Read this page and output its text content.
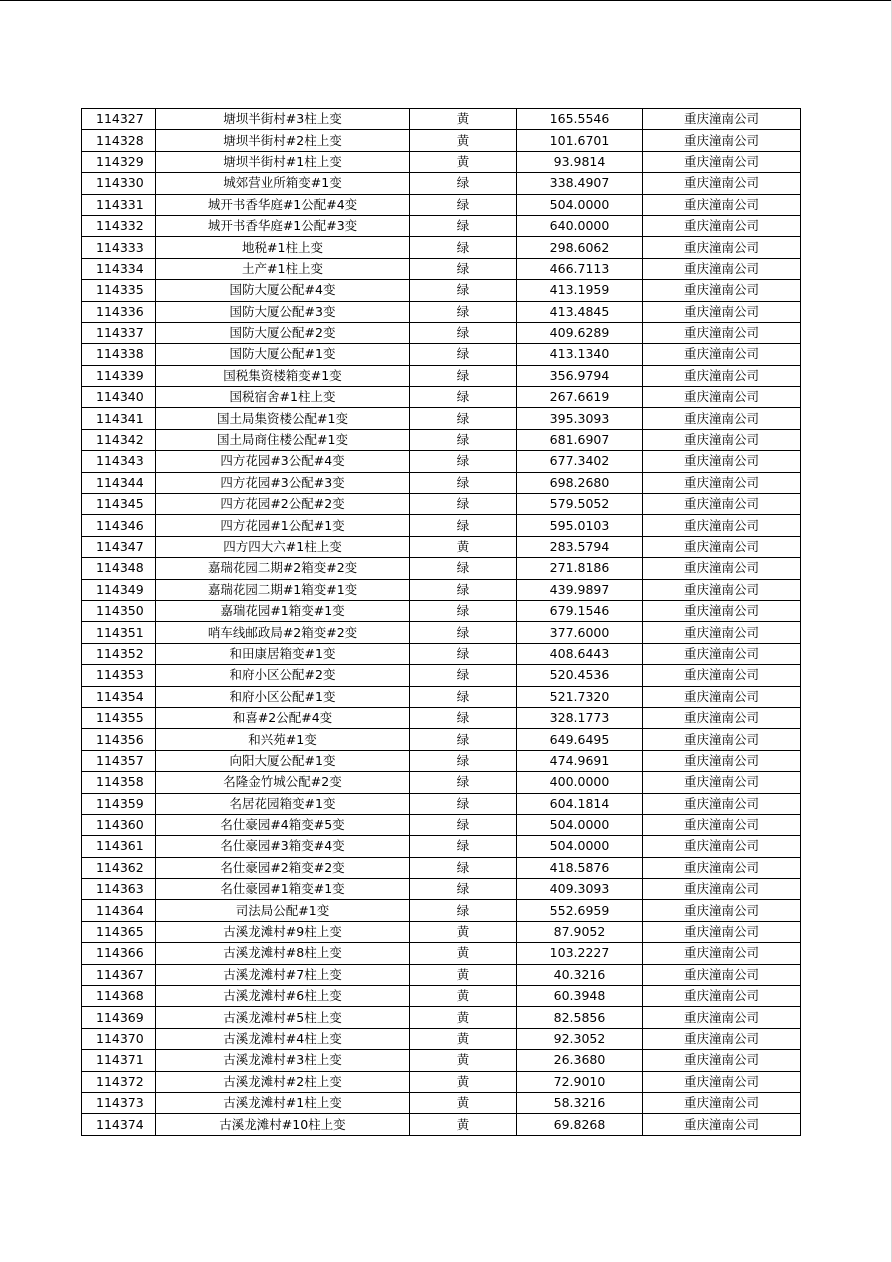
114327	塘坝半街村#3柱上变	黄	165.5546	重庆潼南公司
114328	塘坝半街村#2柱上变	黄	101.6701	重庆潼南公司
114329	塘坝半街村#1柱上变	黄	93.9814	重庆潼南公司
114330	城郊营业所箱变#1变	绿	338.4907	重庆潼南公司
114331	城开书香华庭#1公配#4变	绿	504.0000	重庆潼南公司
114332	城开书香华庭#1公配#3变	绿	640.0000	重庆潼南公司
114333	地税#1柱上变	绿	298.6062	重庆潼南公司
114334	土产#1柱上变	绿	466.7113	重庆潼南公司
114335	国防大厦公配#4变	绿	413.1959	重庆潼南公司
114336	国防大厦公配#3变	绿	413.4845	重庆潼南公司
114337	国防大厦公配#2变	绿	409.6289	重庆潼南公司
114338	国防大厦公配#1变	绿	413.1340	重庆潼南公司
114339	国税集资楼箱变#1变	绿	356.9794	重庆潼南公司
114340	国税宿舍#1柱上变	绿	267.6619	重庆潼南公司
114341	国土局集资楼公配#1变	绿	395.3093	重庆潼南公司
114342	国土局商住楼公配#1变	绿	681.6907	重庆潼南公司
114343	四方花园#3公配#4变	绿	677.3402	重庆潼南公司
114344	四方花园#3公配#3变	绿	698.2680	重庆潼南公司
114345	四方花园#2公配#2变	绿	579.5052	重庆潼南公司
114346	四方花园#1公配#1变	绿	595.0103	重庆潼南公司
114347	四方四大六#1柱上变	黄	283.5794	重庆潼南公司
114348	嘉瑞花园二期#2箱变#2变	绿	271.8186	重庆潼南公司
114349	嘉瑞花园二期#1箱变#1变	绿	439.9897	重庆潼南公司
114350	嘉瑞花园#1箱变#1变	绿	679.1546	重庆潼南公司
114351	哨车线邮政局#2箱变#2变	绿	377.6000	重庆潼南公司
114352	和田康居箱变#1变	绿	408.6443	重庆潼南公司
114353	和府小区公配#2变	绿	520.4536	重庆潼南公司
114354	和府小区公配#1变	绿	521.7320	重庆潼南公司
114355	和喜#2公配#4变	绿	328.1773	重庆潼南公司
114356	和兴苑#1变	绿	649.6495	重庆潼南公司
114357	向阳大厦公配#1变	绿	474.9691	重庆潼南公司
114358	名隆金竹城公配#2变	绿	400.0000	重庆潼南公司
114359	名居花园箱变#1变	绿	604.1814	重庆潼南公司
114360	名仕豪园#4箱变#5变	绿	504.0000	重庆潼南公司
114361	名仕豪园#3箱变#4变	绿	504.0000	重庆潼南公司
114362	名仕豪园#2箱变#2变	绿	418.5876	重庆潼南公司
114363	名仕豪园#1箱变#1变	绿	409.3093	重庆潼南公司
114364	司法局公配#1变	绿	552.6959	重庆潼南公司
114365	古溪龙滩村#9柱上变	黄	87.9052	重庆潼南公司
114366	古溪龙滩村#8柱上变	黄	103.2227	重庆潼南公司
114367	古溪龙滩村#7柱上变	黄	40.3216	重庆潼南公司
114368	古溪龙滩村#6柱上变	黄	60.3948	重庆潼南公司
114369	古溪龙滩村#5柱上变	黄	82.5856	重庆潼南公司
114370	古溪龙滩村#4柱上变	黄	92.3052	重庆潼南公司
114371	古溪龙滩村#3柱上变	黄	26.3680	重庆潼南公司
114372	古溪龙滩村#2柱上变	黄	72.9010	重庆潼南公司
114373	古溪龙滩村#1柱上变	黄	58.3216	重庆潼南公司
114374	古溪龙滩村#10柱上变	黄	69.8268	重庆潼南公司
